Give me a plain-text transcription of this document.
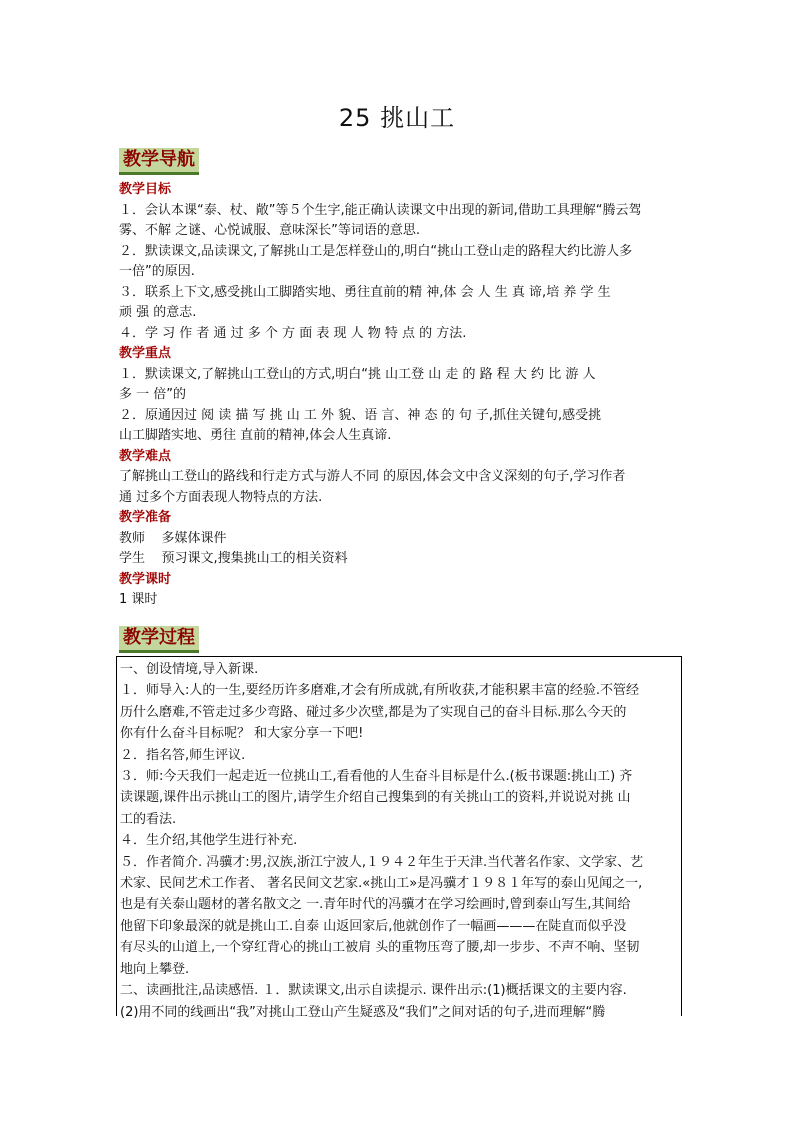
25 挑山工
教学导航
教学目标
１．会认本课“泰、杖、敞”等５个生字,能正确认读课文中出现的新词,借助工具理解“腾云驾
雾、不解 之谜、心悦诚服、意味深长”等词语的意思.
２．默读课文,品读课文,了解挑山工是怎样登山的,明白“挑山工登山走的路程大约比游人多
一倍”的原因.
３．联系上下文,感受挑山工脚踏实地、勇往直前的精 神,体 会 人 生 真 谛,培 养 学 生
顽 强 的意志.
４．学 习 作 者 通 过 多 个 方 面 表 现 人 物 特 点 的 方法.
教学重点
１．默读课文,了解挑山工登山的方式,明白“挑 山工登 山 走 的 路 程 大 约 比 游 人
多 一 倍”的
２．原通因过 阅 读 描 写 挑 山 工 外 貌、语 言、神 态 的 句 子,抓住关键句,感受挑
山工脚踏实地、勇往 直前的精神,体会人生真谛.
教学难点
了解挑山工登山的路线和行走方式与游人不同 的原因,体会文中含义深刻的句子,学习作者
通 过多个方面表现人物特点的方法.
教学准备
教师    多媒体课件
学生    预习课文,搜集挑山工的相关资料
教学课时
1 课时
教学过程
一、创设情境,导入新课.
１．师导入:人的一生,要经历许多磨难,才会有所成就,有所收获,才能积累丰富的经验.不管经
历什么磨难,不管走过多少弯路、碰过多少次壁,都是为了实现自己的奋斗目标.那么今天的
你有什么奋斗目标呢？ 和大家分享一下吧!
２．指名答,师生评议.
３．师:今天我们一起走近一位挑山工,看看他的人生奋斗目标是什么.(板书课题:挑山工) 齐
读课题,课件出示挑山工的图片,请学生介绍自己搜集到的有关挑山工的资料,并说说对挑 山
工的看法.
４．生介绍,其他学生进行补充.
５．作者简介. 冯骥才:男,汉族,浙江宁波人,１９４２年生于天津.当代著名作家、文学家、艺
术家、民间艺术工作者、 著名民间文艺家.«挑山工»是冯骥才１９８１年写的泰山见闻之一,
也是有关泰山题材的著名散文之 一.青年时代的冯骥才在学习绘画时,曾到泰山写生,其间给
他留下印象最深的就是挑山工.自泰 山返回家后,他就创作了一幅画———在陡直而似乎没
有尽头的山道上,一个穿红背心的挑山工被肩 头的重物压弯了腰,却一步步、不声不响、坚韧
地向上攀登.
二、读画批注,品读感悟. １．默读课文,出示自读提示. 课件出示:(1)概括课文的主要内容.
(2)用不同的线画出“我”对挑山工登山产生疑惑及“我们”之间对话的句子,进而理解“腾
